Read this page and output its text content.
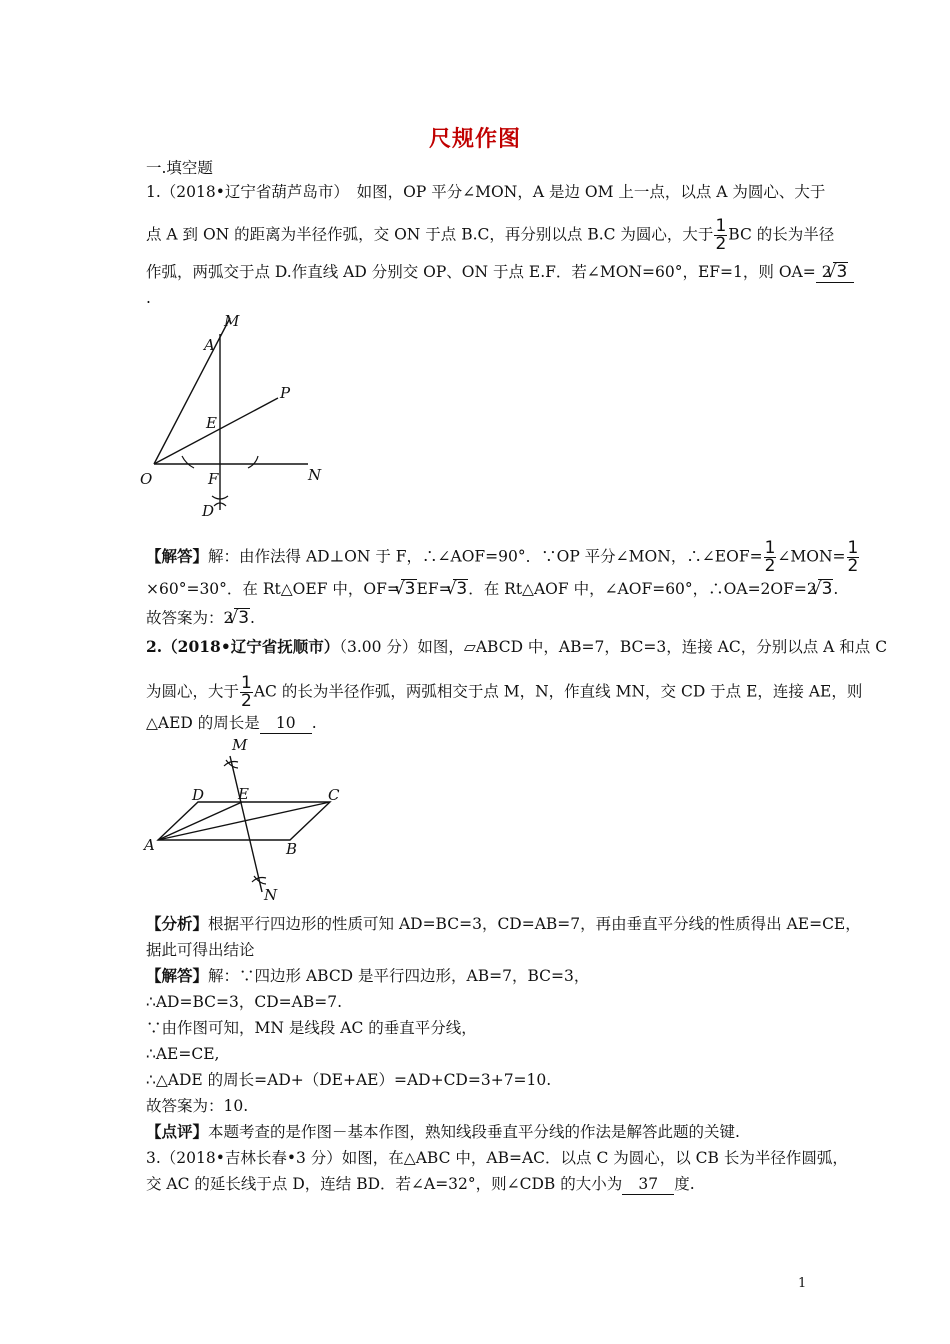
尺规作图
一.填空题
1.（2018•辽宁省葫芦岛市）　如图，OP 平分∠MON，A 是边 OM 上一点，以点 A 为圆心、大于
点 A 到 ON 的距离为半径作弧，交 ON 于点 B.C，再分别以点 B.C 为圆心，大于 $\frac{1}{2}$ BC 的长为半径
作弧，两弧交于点 D.作直线 AD 分别交 OP、ON 于点 E.F．若∠MON=60°，EF=1，则 OA= 2 √ 3
.
M
A
P
E
O	F	N
D
【解答】解：由作法得 AD⊥ON 于 F，∴∠AOF=90°．∵OP 平分∠MON，∴∠EOF= $\frac{1}{2}$ ∠MON= $\frac{1}{2}$
×60°=30°．在 Rt△OEF 中，OF= √ 3EF= √ 3．在 Rt△AOF 中，∠AOF=60°，∴OA=2OF=2 √ 3.
故答案为：2 √ 3.
2.（2018•辽宁省抚顺市）（3.00 分）如图，▱ABCD 中，AB=7，BC=3，连接 AC，分别以点 A 和点 C
为圆心，大于 $\frac{1}{2}$ AC 的长为半径作弧，两弧相交于点 M，N，作直线 MN，交 CD 于点 E，连接 AE，则
△AED 的周长是 10 .
M
D E	C
A	B
N
【分析】根据平行四边形的性质可知 AD=BC=3，CD=AB=7，再由垂直平分线的性质得出 AE=CE，
据此可得出结论
【解答】解：∵四边形 ABCD 是平行四边形，AB=7，BC=3，
∴AD=BC=3，CD=AB=7.
∵由作图可知，MN 是线段 AC 的垂直平分线，
∴AE=CE,
∴△ADE 的周长=AD+（DE+AE）=AD+CD=3+7=10.
故答案为：10.
【点评】本题考查的是作图－基本作图，熟知线段垂直平分线的作法是解答此题的关键.
3.（2018•吉林长春•3 分）如图，在△ABC 中，AB=AC．以点 C 为圆心，以 CB 长为半径作圆弧，
交 AC 的延长线于点 D，连结 BD．若∠A=32°，则∠CDB 的大小为 37 度.
1
